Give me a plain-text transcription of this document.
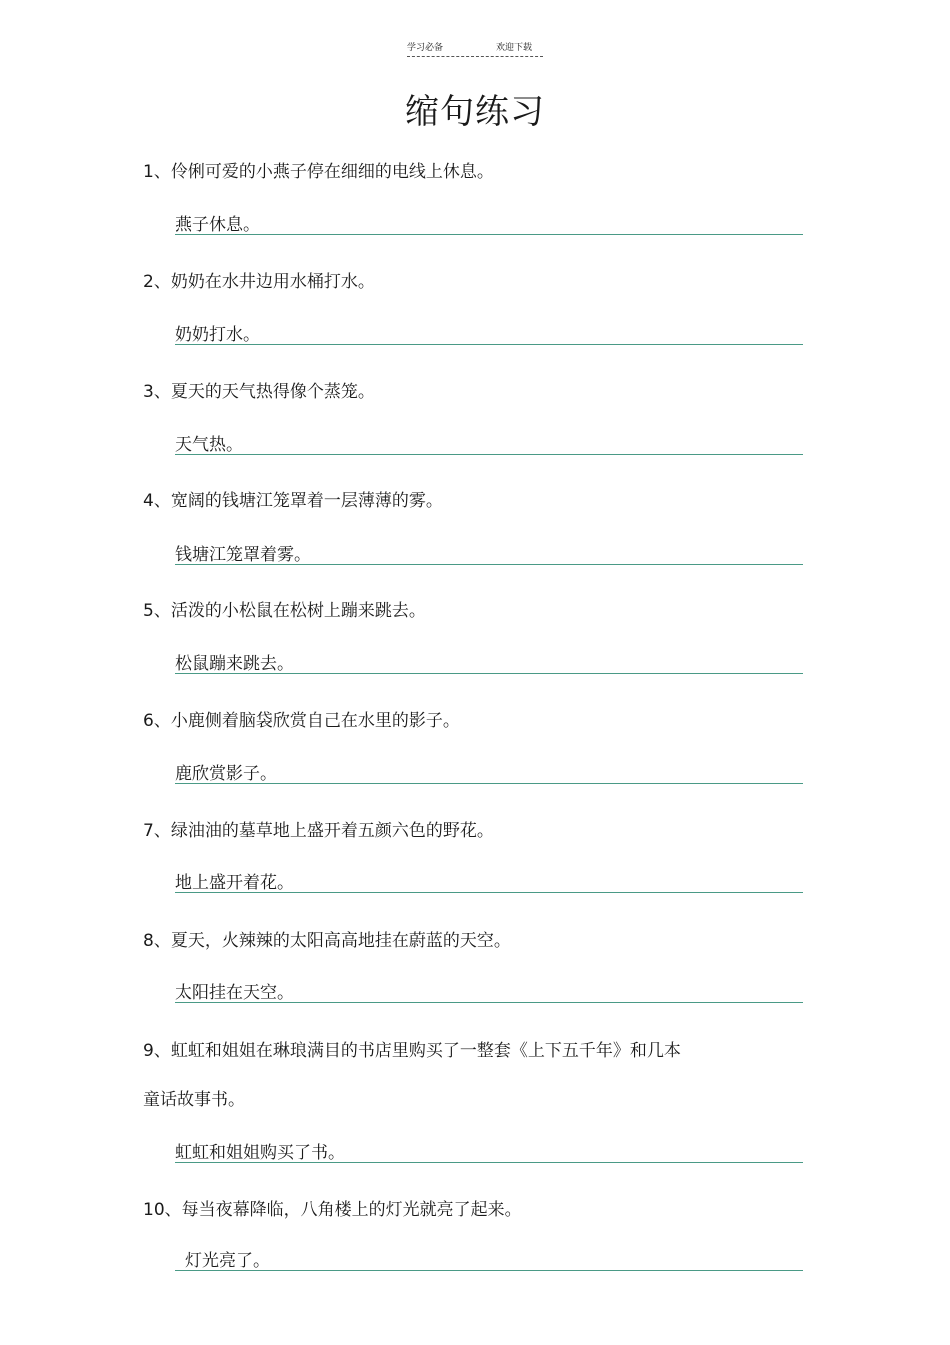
学习必备	欢迎下载
缩句练习
1、伶俐可爱的小燕子停在细细的电线上休息。
燕子休息。
2、奶奶在水井边用水桶打水。
奶奶打水。
3、夏天的天气热得像个蒸笼。
天气热。
4、宽阔的钱塘江笼罩着一层薄薄的雾。
钱塘江笼罩着雾。
5、活泼的小松鼠在松树上蹦来跳去。
松鼠蹦来跳去。
6、小鹿侧着脑袋欣赏自己在水里的影子。
鹿欣赏影子。
7、绿油油的墓草地上盛开着五颜六色的野花。
地上盛开着花。
8、夏天，火辣辣的太阳高高地挂在蔚蓝的天空。
太阳挂在天空。
9、虹虹和姐姐在琳琅满目的书店里购买了一整套《上下五千年》和几本
童话故事书。
虹虹和姐姐购买了书。
10、每当夜幕降临，八角楼上的灯光就亮了起来。
灯光亮了。
